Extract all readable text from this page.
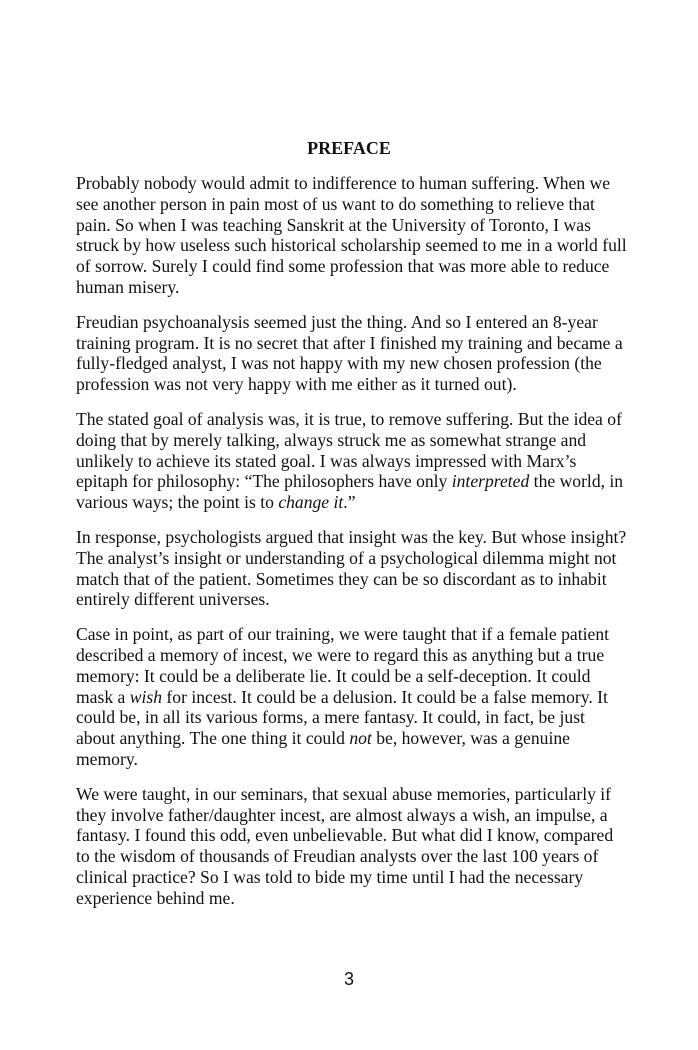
PREFACE

Probably nobody would admit to indifference to human suffering. When we see another person in pain most of us want to do something to relieve that pain. So when I was teaching Sanskrit at the University of Toronto, I was struck by how useless such historical scholarship seemed to me in a world full of sorrow. Surely I could find some profession that was more able to reduce human misery.

Freudian psychoanalysis seemed just the thing. And so I entered an 8-year training program. It is no secret that after I finished my training and became a fully-fledged analyst, I was not happy with my new chosen profession (the profession was not very happy with me either as it turned out).

The stated goal of analysis was, it is true, to remove suffering. But the idea of doing that by merely talking, always struck me as somewhat strange and unlikely to achieve its stated goal. I was always impressed with Marx’s epitaph for philosophy: “The philosophers have only interpreted the world, in various ways; the point is to change it.”

In response, psychologists argued that insight was the key. But whose insight? The analyst’s insight or understanding of a psychological dilemma might not match that of the patient. Sometimes they can be so discordant as to inhabit entirely different universes.

Case in point, as part of our training, we were taught that if a female patient described a memory of incest, we were to regard this as anything but a true memory: It could be a deliberate lie. It could be a self-deception. It could mask a wish for incest. It could be a delusion. It could be a false memory. It could be, in all its various forms, a mere fantasy. It could, in fact, be just about anything. The one thing it could not be, however, was a genuine memory.

We were taught, in our seminars, that sexual abuse memories, particularly if they involve father/daughter incest, are almost always a wish, an impulse, a fantasy. I found this odd, even unbelievable. But what did I know, compared to the wisdom of thousands of Freudian analysts over the last 100 years of clinical practice? So I was told to bide my time until I had the necessary experience behind me.

3
